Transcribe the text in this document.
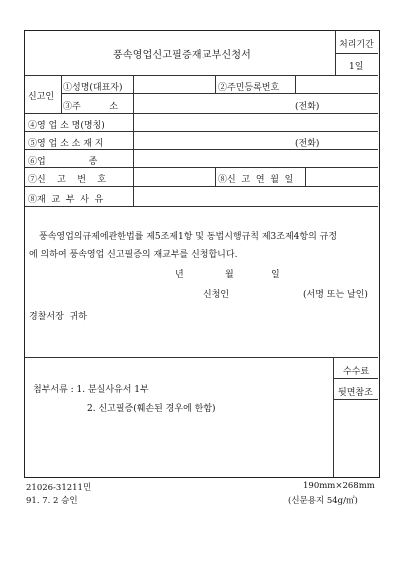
풍속영업신고필증재교부신청서
처리기간
1일
신고인
①성명(대표자)	②주민등록번호
③주          소	(전화)
④영 업 소 명(명칭)
⑤영 업 소 소 재 지	(전화)
⑥업               종
⑦신    고    번    호	⑧신  고  연  월  일
⑧재  교  부  사  유
풍속영업의규제에관한법률 제5조제1항 및 동법시행규칙 제3조제4항의 규정
에 의하여 풍속영업 신고필증의 재교부를 신청합니다.
년	월	일
신청인	(서명 또는 날인)
경찰서장  귀하
첨부서류 : 1. 분실사유서 1부
2. 신고필증(훼손된 경우에 한함)
수수료
뒷면참조
21026-31211민
91. 7. 2 승인
190mm×268mm
(신문용지 54g/㎡)
